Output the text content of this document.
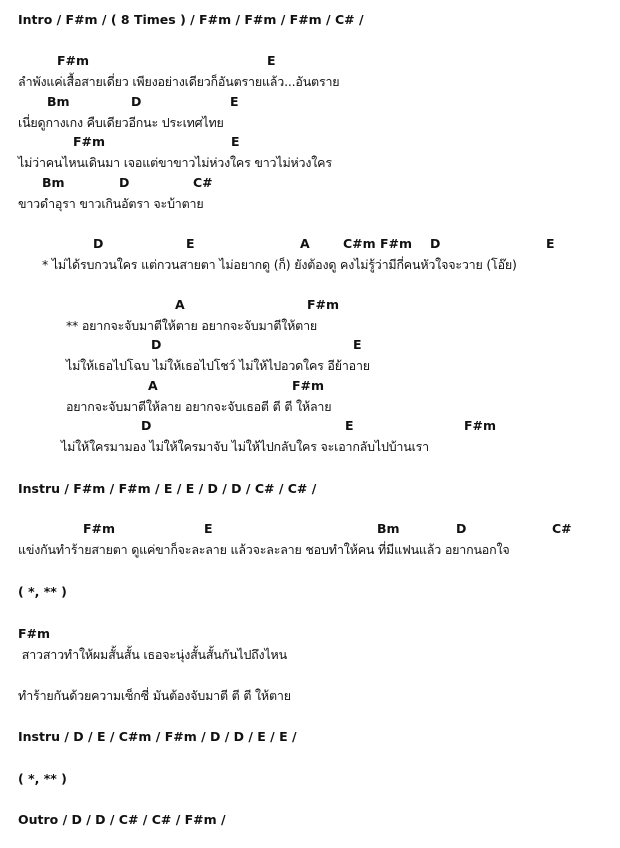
Intro / F#m / ( 8 Times ) / F#m / F#m / F#m / C# /
F#m	E
ลำพังแค่เสื้อสายเดี่ยว เพียงอย่างเดียวก็อันตรายแล้ว...อันตราย
Bm	D	E
เนี่ยดูกางเกง คืบเดียวอีกนะ ประเทศไทย
F#m	E
ไม่ว่าคนไหนเดินมา เจอแต่ขาขาวไม่ห่วงใคร ขาวไม่ห่วงใคร
Bm	D	C#
ขาวดำอุรา ขาวเกินอัตรา จะบ้าตาย
D	E	A	C#m F#m D	E
* ไม่ได้รบกวนใคร แต่กวนสายตา ไม่อยากดู (ก็) ยังต้องดู คงไม่รู้ว่ามีกี่คนหัวใจจะวาย (โอ๊ย)
A	F#m
** อยากจะจับมาตีให้ตาย อยากจะจับมาตีให้ตาย
D	E
ไม่ให้เธอไปโฉบ ไม่ให้เธอไปโชว์ ไม่ให้ไปอวดใคร อีย้าอาย
A	F#m
อยากจะจับมาตีให้ลาย อยากจะจับเธอตี ตี ตี ให้ลาย
D	E	F#m
ไม่ให้ใครมามอง ไม่ให้ใครมาจับ ไม่ให้ไปกลับใคร จะเอากลับไปบ้านเรา
Instru / F#m / F#m / E / E / D / D / C# / C# /
F#m	E	Bm	D	C#
แข่งกันทำร้ายสายตา ดูแค่ขาก็จะละลาย แล้วจะละลาย ชอบทำให้คน ที่มีแฟนแล้ว อยากนอกใจ
( *, ** )
F#m
สาวสาวทำให้ผมสั้นสั้น เธอจะนุ่งสั้นสั้นกันไปถึงไหน
ทำร้ายกันด้วยความเซ็กซี่ มันต้องจับมาตี ตี ตี ให้ตาย
Instru / D / E / C#m / F#m / D / D / E / E /
( *, ** )
Outro / D / D / C# / C# / F#m /
